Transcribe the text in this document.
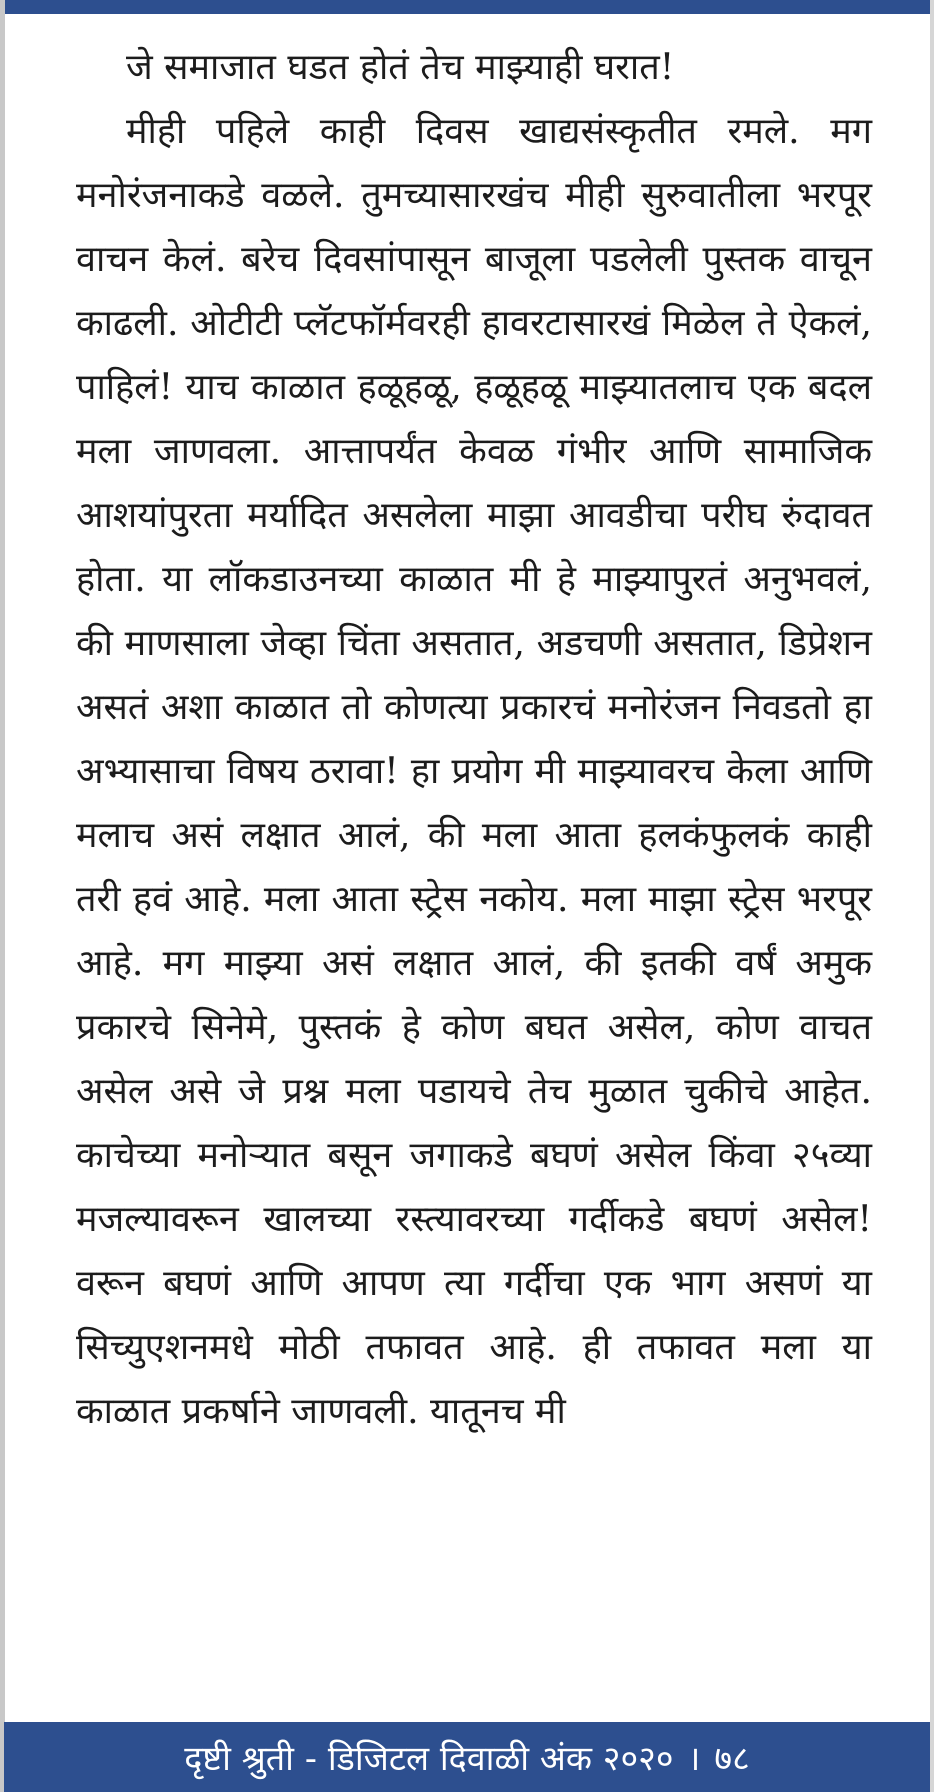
जे समाजात घडत होतं तेच माझ्याही घरात!

मीही पहिले काही दिवस खाद्यसंस्कृतीत रमले. मग मनोरंजनाकडे वळले. तुमच्यासारखंच मीही सुरुवातीला भरपूर वाचन केलं. बरेच दिवसांपासून बाजूला पडलेली पुस्तक वाचून काढली. ओटीटी प्लॅटफॉर्मवरही हावरटासारखं मिळेल ते ऐकलं, पाहिलं! याच काळात हळूहळू, हळूहळू माझ्यातलाच एक बदल मला जाणवला. आत्तापर्यंत केवळ गंभीर आणि सामाजिक आशयांपुरता मर्यादित असलेला माझा आवडीचा परीघ रुंदावत होता. या लॉकडाउनच्या काळात मी हे माझ्यापुरतं अनुभवलं, की माणसाला जेव्हा चिंता असतात, अडचणी असतात, डिप्रेशन असतं अशा काळात तो कोणत्या प्रकारचं मनोरंजन निवडतो हा अभ्यासाचा विषय ठरावा! हा प्रयोग मी माझ्यावरच केला आणि मलाच असं लक्षात आलं, की मला आता हलकंफुलकं काही तरी हवं आहे. मला आता स्ट्रेस नकोय. मला माझा स्ट्रेस भरपूर आहे. मग माझ्या असं लक्षात आलं, की इतकी वर्षं अमुक प्रकारचे सिनेमे, पुस्तकं हे कोण बघत असेल, कोण वाचत असेल असे जे प्रश्न मला पडायचे तेच मुळात चुकीचे आहेत. काचेच्या मनोऱ्यात बसून जगाकडे बघणं असेल किंवा २५व्या मजल्यावरून खालच्या रस्त्यावरच्या गर्दीकडे बघणं असेल! वरून बघणं आणि आपण त्या गर्दीचा एक भाग असणं या सिच्युएशनमधे मोठी तफावत आहे. ही तफावत मला या काळात प्रकर्षाने जाणवली. यातूनच मी

दृष्टी श्रुती - डिजिटल दिवाळी अंक २०२० । ७८
